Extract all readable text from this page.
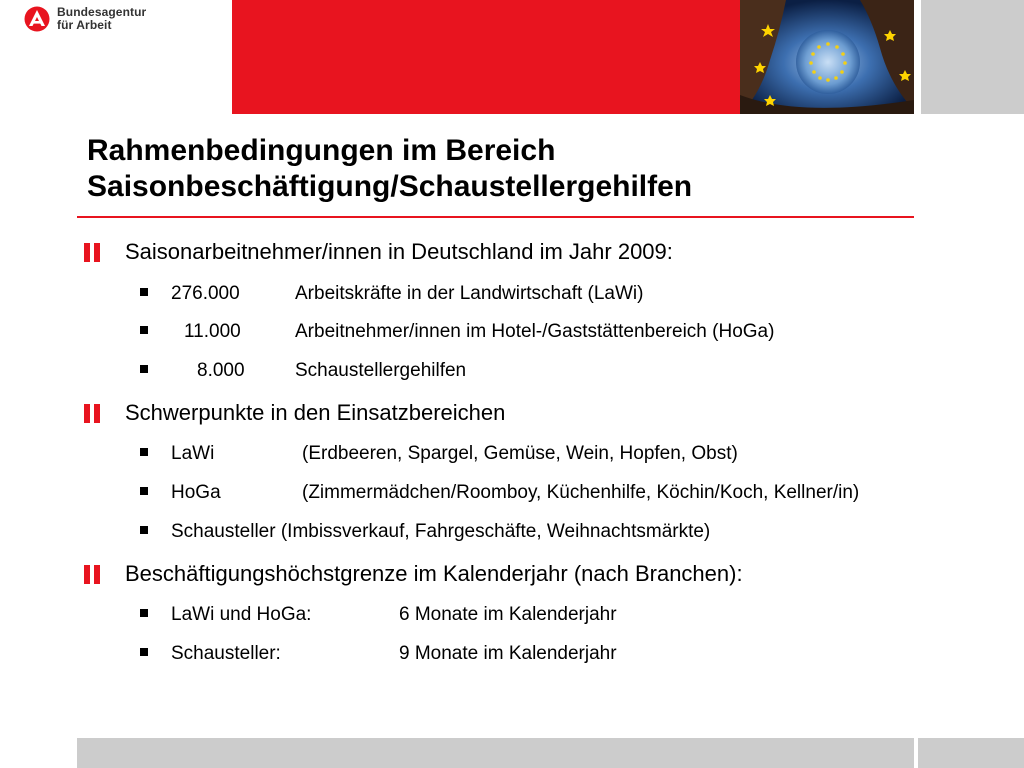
Bundesagentur
für Arbeit
Rahmenbedingungen im Bereich
Saisonbeschäftigung/Schaustellergehilfen
Saisonarbeitnehmer/innen in Deutschland im Jahr 2009:
276.000	Arbeitskräfte in der Landwirtschaft (LaWi)
11.000	Arbeitnehmer/innen im Hotel-/Gaststättenbereich (HoGa)
8.000	Schaustellergehilfen
Schwerpunkte in den Einsatzbereichen
LaWi	(Erdbeeren, Spargel, Gemüse, Wein, Hopfen, Obst)
HoGa	(Zimmermädchen/Roomboy, Küchenhilfe, Köchin/Koch, Kellner/in)
Schausteller (Imbissverkauf, Fahrgeschäfte, Weihnachtsmärkte)
Beschäftigungshöchstgrenze im Kalenderjahr (nach Branchen):
LaWi und HoGa:	6 Monate im Kalenderjahr
Schausteller:	9 Monate im Kalenderjahr
